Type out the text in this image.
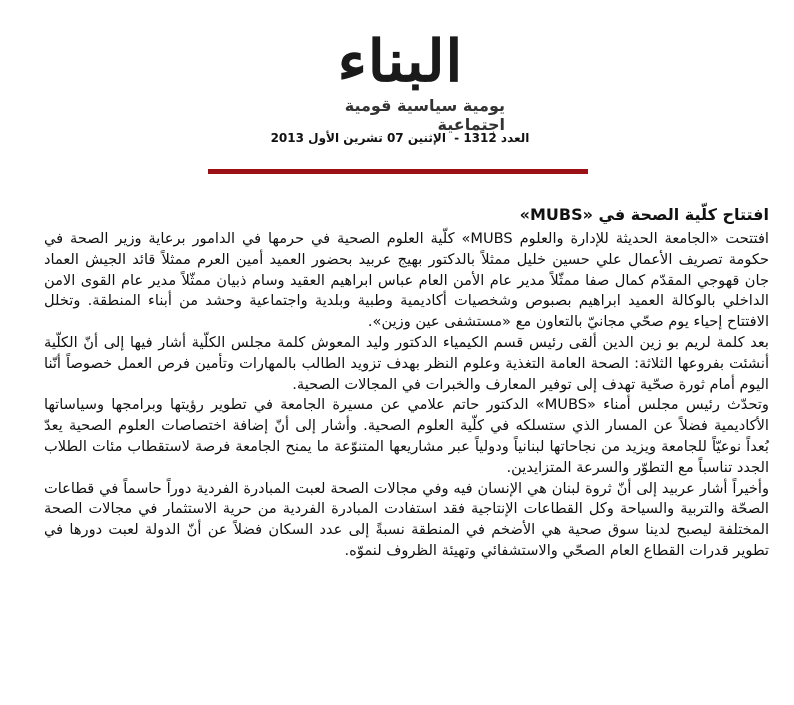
البناء
يومية سياسية قومية اجتماعية
العدد 1312 - الإثنين 07 تشرين الأول 2013
افتتاح كلّية الصحة في «MUBS»

افتتحت «الجامعة الحديثة للإدارة والعلوم MUBS» كلّية العلوم الصحية في حرمها في الدامور برعاية وزير الصحة في حكومة تصريف الأعمال علي حسين خليل ممثلاً بالدكتور بهيج عربيد بحضور العميد أمين العرم ممثلاً قائد الجيش العماد جان قهوجي المقدّم كمال صفا ممثّلاً مدير عام الأمن العام عباس ابراهيم العقيد وسام ذبيان ممثّلاً مدير عام القوى الامن الداخلي بالوكالة العميد ابراهيم بصبوص وشخصيات أكاديمية وطبية وبلدية واجتماعية وحشد من أبناء المنطقة. وتخلل الافتتاح إحياء يوم صحّي مجانيّ بالتعاون مع «مستشفى عين وزين».

بعد كلمة لريم بو زين الدين ألقى رئيس قسم الكيمياء الدكتور وليد المعوش كلمة مجلس الكلّية أشار فيها إلى أنّ الكلّية أنشئت بفروعها الثلاثة: الصحة العامة التغذية وعلوم النظر بهدف تزويد الطالب بالمهارات وتأمين فرص العمل خصوصاً أنّنا اليوم أمام ثورة صحّية تهدف إلى توفير المعارف والخبرات في المجالات الصحية.

وتحدّث رئيس مجلس أمناء «MUBS» الدكتور حاتم علامي عن مسيرة الجامعة في تطوير رؤيتها وبرامجها وسياساتها الأكاديمية فضلاً عن المسار الذي ستسلكه في كلّية العلوم الصحية. وأشار إلى أنّ إضافة اختصاصات العلوم الصحية يعدّ بُعداً نوعيّاً للجامعة ويزيد من نجاحاتها لبنانياً ودولياً عبر مشاريعها المتنوّعة ما يمنح الجامعة فرصة لاستقطاب مئات الطلاب الجدد تناسباً مع التطوّر والسرعة المتزايدين.

وأخيراً أشار عربيد إلى أنّ ثروة لبنان هي الإنسان فيه وفي مجالات الصحة لعبت المبادرة الفردية دوراً حاسماً في قطاعات الصحّة والتربية والسياحة وكل القطاعات الإنتاجية فقد استفادت المبادرة الفردية من حرية الاستثمار في مجالات الصحة المختلفة ليصبح لدينا سوق صحية هي الأضخم في المنطقة نسبةً إلى عدد السكان فضلاً عن أنّ الدولة لعبت دورها في تطوير قدرات القطاع العام الصحّي والاستشفائي وتهيئة الظروف لنموّه.
